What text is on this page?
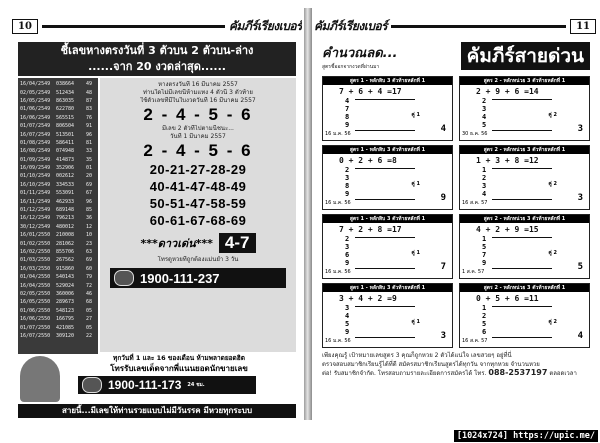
10	คัมภีร์เรียงเบอร์
ชี้เลขหางตรงวันที่ 3 ตัวบน 2 ตัวบน-ล่าง
......จาก 20 งวดล่าสุด......
16/04/2549	038664	49
02/05/2549	512434	48
16/05/2549	863035	87
01/06/2549	622780	83
16/06/2549	565515	76
01/07/2549	806504	91
16/07/2549	513501	96
01/08/2549	586411	81
16/08/2549	074948	33
01/09/2549	414873	35
16/09/2549	352906	01
01/10/2549	002612	20
16/10/2549	334533	69
01/11/2549	553091	67
16/11/2549	462933	96
01/12/2549	689148	85
16/12/2549	796213	36
30/12/2549	480012	12
16/01/2550	210008	10
01/02/2550	281062	23
16/02/2550	855706	63
01/03/2550	267562	69
16/03/2550	915860	60
01/04/2550	540143	79
16/04/2550	529024	72
02/05/2550	360006	46
16/05/2550	289673	68
01/06/2550	548123	05
16/06/2550	166795	27
01/07/2550	421085	05
16/07/2550	309120	22
หางตรงวันที่ 16 มีนาคม 2557
ท่านใดไม่มีเลขนี้ห้ามแทง 4 ตัวนี้ 3 ตัวท้าย
ใช้ตัวเลขที่มีในใบงวดวันที่ 16 มีนาคม 2557
2 - 4 - 5 - 6
มีเลข 2 ตัวที่ไปตามนี้ชนะ...
วันที่ 1 มีนาคม 2557
2 - 4 - 5 - 6
20-21-27-28-29
40-41-47-48-49
50-51-47-58-59
60-61-67-68-69
***ดาวเด่น*** 4-7
โทรดูหวยที่ถูกต้องแม่นยำ 3 วัน
1900-111-237
ทุกวันที่ 1 และ 16 ของเดือน ห้ามพลาดยอดฮิต
โทรรับเลขเด็ดจากพี่แนนยอดนักขายเลข
1900-111-173 24 ชม.
สายนี้...มีเลขให้ท่านรวยแบบไม่มีวันรรค มีหวยทุกระบบ
คัมภีร์เรียงเบอร์	11
คำนวณลด...
สูตรชี้ออกจากงวดที่ผ่านมา	คัมภีร์สายด่วน
สูตร 1 - หลักสิบ 3 ตัวท้ายหลักที่ 1
7 + 6 + 4 =17
4
7
8
9
คู่ 1
16 ม.ค. 56	4
สูตร 2 - หลักหน่วย 3 ตัวท้ายหลักที่ 1
2 + 9 + 6 =14
2
3
4
5
คู่ 2
30 ธ.ค. 56	3
สูตร 1 - หลักสิบ 3 ตัวท้ายหลักที่ 1
0 + 2 + 6 =8
2
3
8
9
คู่ 1
16 ม.ค. 56	9
สูตร 2 - หลักหน่วย 3 ตัวท้ายหลักที่ 1
1 + 3 + 8 =12
1
2
3
4
คู่ 2
16 ส.ค. 57	3
สูตร 1 - หลักสิบ 3 ตัวท้ายหลักที่ 1
7 + 2 + 8 =17
2
3
6
9
คู่ 1
16 ม.ค. 56	7
สูตร 2 - หลักหน่วย 3 ตัวท้ายหลักที่ 1
4 + 2 + 9 =15
1
5
7
9
คู่ 2
1 ส.ค. 57	5
สูตร 1 - หลักสิบ 3 ตัวท้ายหลักที่ 1
3 + 4 + 2 =9
3
4
5
9
คู่ 1
16 ม.ค. 56	3
สูตร 2 - หลักหน่วย 3 ตัวท้ายหลักที่ 1
0 + 5 + 6 =11
1
2
5
6
คู่ 2
16 ส.ค. 57	4
เพียงคุณรู้ เป้าหมายเลขสูตร 3 คุณก็ถูกหวย 2 ตัวได้แน่ใจ เลขสวยๆ อยู่ที่นี่
ตรวจสอบสมาชิกเรียนรู้ได้ที่ดี สมัครสมาชิกเรียนสูตรได้ทุกวัน จากทุกหวย จำนวนหวย
ต่อ! รับสมาชิกจำกัด. โทรสอบถามรายละเอียดการสมัครได้ โทร. 088-2537197 ตลอดเวลา
[1024x724] https://upic.me/
